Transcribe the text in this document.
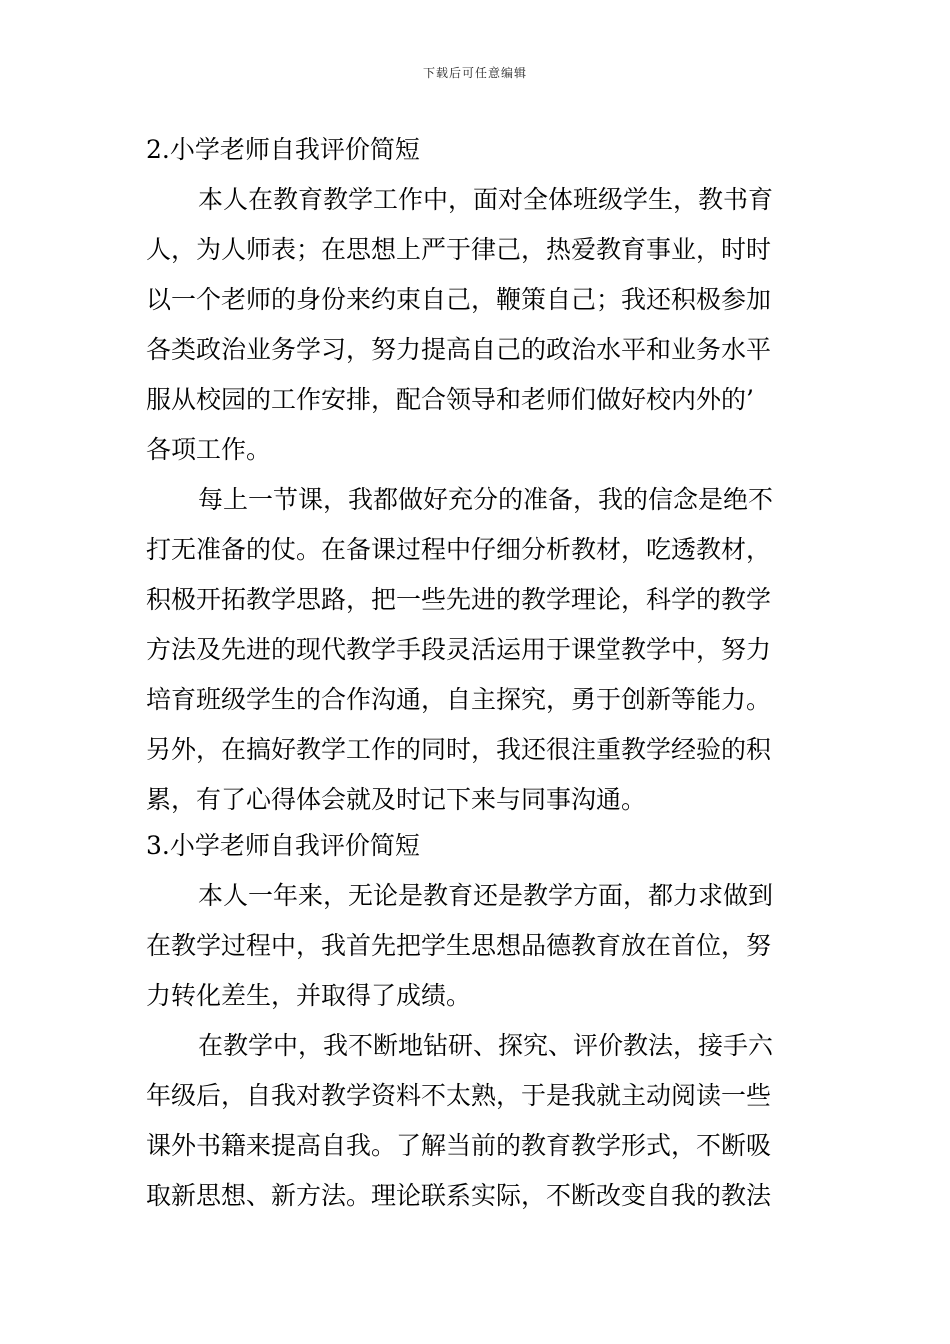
下载后可任意编辑
2.小学老师自我评价简短
本人在教育教学工作中，面对全体班级学生，教书育
人，为人师表；在思想上严于律己，热爱教育事业，时时
以一个老师的身份来约束自己，鞭策自己；我还积极参加
各类政治业务学习，努力提高自己的政治水平和业务水平
服从校园的工作安排，配合领导和老师们做好校内外的’
各项工作。
每上一节课，我都做好充分的准备，我的信念是绝不
打无准备的仗。在备课过程中仔细分析教材，吃透教材，
积极开拓教学思路，把一些先进的教学理论，科学的教学
方法及先进的现代教学手段灵活运用于课堂教学中，努力
培育班级学生的合作沟通，自主探究，勇于创新等能力。
另外，在搞好教学工作的同时，我还很注重教学经验的积
累，有了心得体会就及时记下来与同事沟通。
3.小学老师自我评价简短
本人一年来，无论是教育还是教学方面，都力求做到
在教学过程中，我首先把学生思想品德教育放在首位，努
力转化差生，并取得了成绩。
在教学中，我不断地钻研、探究、评价教法，接手六
年级后，自我对教学资料不太熟，于是我就主动阅读一些
课外书籍来提高自我。了解当前的教育教学形式，不断吸
取新思想、新方法。理论联系实际，不断改变自我的教法
